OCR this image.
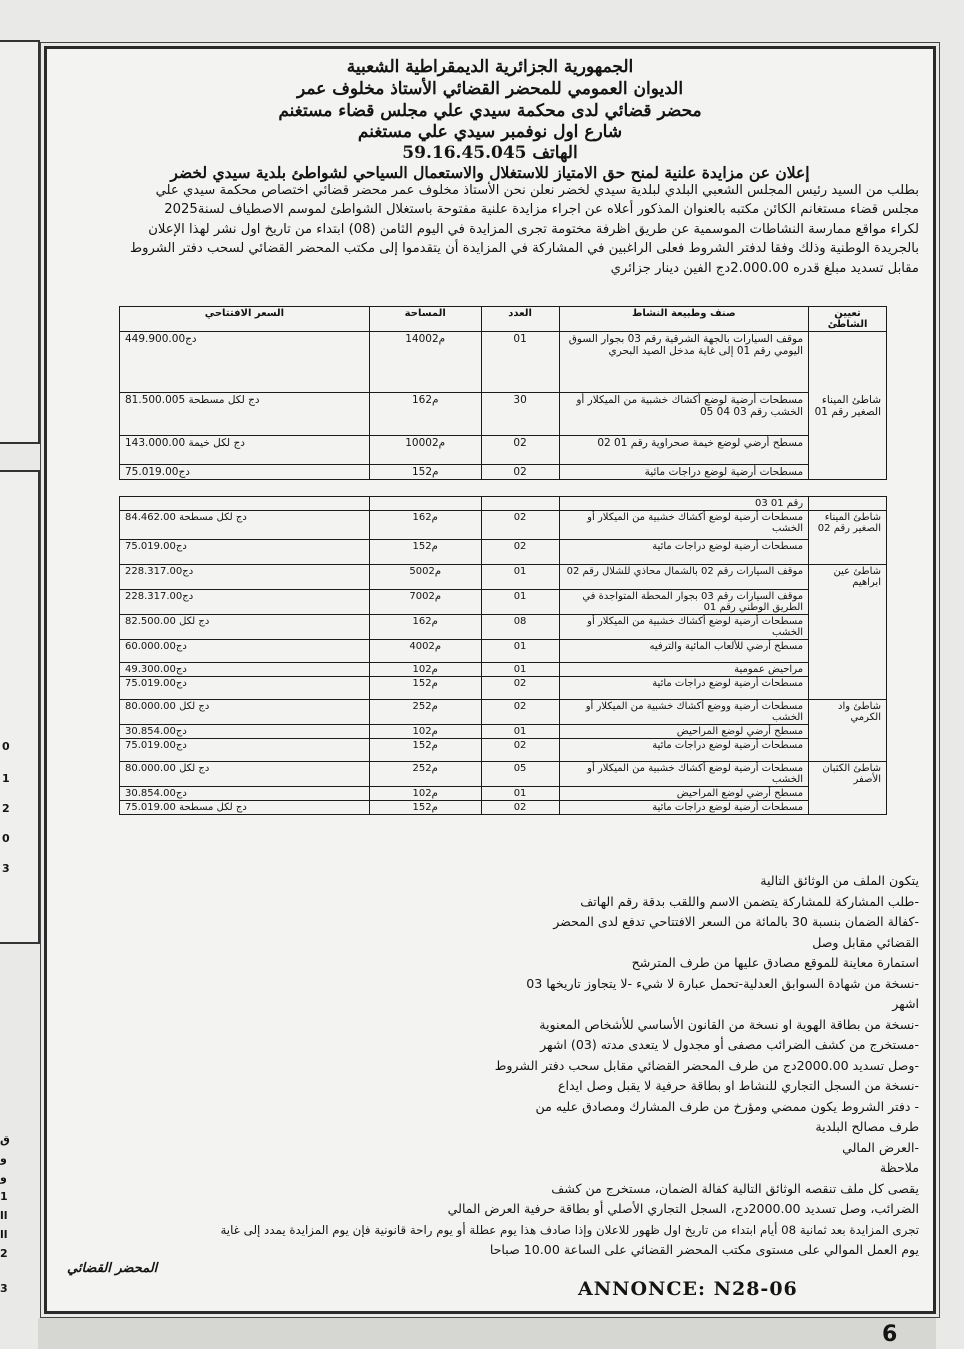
0
1
2
0
3
ق
و
و
1
ll
ll
2
3
الجمهورية الجزائرية الديمقراطية الشعبية
الديوان العمومي للمحضر القضائي الأستاذ مخلوف عمر
محضر قضائي لدى محكمة سيدي علي مجلس قضاء مستغنم
شارع اول نوفمبر سيدي علي مستغنم
الهاتف 59.16.45.045
إعلان عن مزايدة علنية لمنح حق الامتياز للاستغلال والاستعمال السياحي لشواطئ بلدية سيدي لخضر

بطلب من السيد رئيس المجلس الشعبي البلدي لبلدية سيدي لخضر نعلن نحن الأستاذ مخلوف عمر محضر قضائي اختصاص محكمة سيدي علي

مجلس قضاء مستغانم الكائن مكتبه بالعنوان المذكور أعلاه عن اجراء مزايدة علنية مفتوحة باستغلال الشواطئ لموسم الاصطياف لسنة2025

لكراء مواقع ممارسة النشاطات الموسمية عن طريق اظرفة مختومة تجرى المزايدة في اليوم الثامن (08) ابتداء من تاريخ اول نشر لهذا الإعلان

بالجريدة الوطنية وذلك وفقا لدفتر الشروط فعلى الراغبين في المشاركة في المزايدة أن يتقدموا إلى مكتب المحضر القضائي لسحب دفتر الشروط

مقابل تسديد مبلغ قدره 2.000.00دج الفين دينار جزائري

تعيين الشاطئ	صنف وطبيعة النشاط	العدد	المساحة	السعر الافتتاحي
شاطئ الميناء الصغير رقم 01	موقف السيارات بالجهة الشرقية رقم 03 بجوار السوق اليومي رقم 01 إلى غاية مدخل الصيد البحري	01	1400م2	449.900.00دج
	مسطحات أرضية لوضع أكشاك خشبية من الميكلار أو الخشب رقم 03 04 05	30	16م2	81.500.005 دج لكل مسطحة
	مسطح أرضي لوضع خيمة صحراوية رقم 01 02	02	1000م2	143.000.00 دج لكل خيمة
	مسطحات أرضية لوضع دراجات مائية	02	15م2	75.019.00دج
	رقم 01 03			
شاطئ الميناء الصغير رقم 02	مسطحات أرضية لوضع أكشاك خشبية من الميكلار أو الخشب	02	16م2	84.462.00 دج لكل مسطحة
	مسطحات أرضية لوضع دراجات مائية	02	15م2	75.019.00دج
شاطئ عين ابراهيم	موقف السيارات رقم 02 بالشمال محاذي للشلال رقم 02	01	500م2	228.317.00دج
	موقف السيارات رقم 03 بجوار المحطة المتواجدة في الطريق الوطني رقم 01	01	700م2	228.317.00دج
	مسطحات أرضية لوضع أكشاك خشبية من الميكلار أو الخشب	08	16م2	82.500.00 دج لكل
	مسطح أرضي للألعاب المائية والترفيه	01	400م2	60.000.00دج
	مراحيض عمومية	01	10م2	49.300.00دج
	مسطحات أرضية لوضع دراجات مائية	02	15م2	75.019.00دج
شاطئ واد الكرمي	مسطحات أرضية ووضع أكشاك خشبية من الميكلار أو الخشب	02	25م2	80.000.00 دج لكل
	مسطح أرضي لوضع المراحيض	01	10م2	30.854.00دج
	مسطحات أرضية لوضع دراجات مائية	02	15م2	75.019.00دج
شاطئ الكثبان الأصفر	مسطحات أرضية لوضع أكشاك خشبية من الميكلار أو الخشب	05	25م2	80.000.00 دج لكل
	مسطح أرضي لوضع المراحيض	01	10م2	30.854.00دج
	مسطحات أرضية لوضع دراجات مائية	02	15م2	75.019.00 دج لكل مسطحة

يتكون الملف من الوثائق التالية

-طلب المشاركة للمشاركة يتضمن الاسم واللقب بدقة رقم الهاتف

-كفالة الضمان بنسبة 30 بالمائة من السعر الافتتاحي تدفع لدى المحضر

القضائي مقابل وصل

استمارة معاينة للموقع مصادق عليها من طرف المترشح

-نسخة من شهادة السوابق العدلية-تحمل عبارة لا شيء -لا يتجاوز تاريخها 03

اشهر

-نسخة من بطاقة الهوية او نسخة من القانون الأساسي للأشخاص المعنوية

-مستخرج من كشف الضرائب مصفى أو مجدول لا يتعدى مدته (03) اشهر

-وصل تسديد 2000.00دج من طرف المحضر القضائي مقابل سحب دفتر الشروط

-نسخة من السجل التجاري للنشاط او بطاقة حرفية لا يقبل وصل ايداع

- دفتر الشروط يكون ممضي ومؤرخ من طرف المشارك ومصادق عليه من

طرف مصالح البلدية

-العرض المالي

ملاحظة

يقصى كل ملف تنقصه الوثائق التالية كفالة الضمان، مستخرج من كشف

الضرائب، وصل تسديد 2000.00دج، السجل التجاري الأصلي أو بطاقة حرفية العرض المالي

تجرى المزايدة بعد ثمانية 08 أيام ابتداء من تاريخ اول ظهور للاعلان وإذا صادف هذا يوم عطلة أو يوم راحة قانونية فإن يوم المزايدة يمدد إلى غاية

يوم العمل الموالي على مستوى مكتب المحضر القضائي على الساعة 10.00 صباحا

المحضر القضائي
ANNONCE: N28-06
6
